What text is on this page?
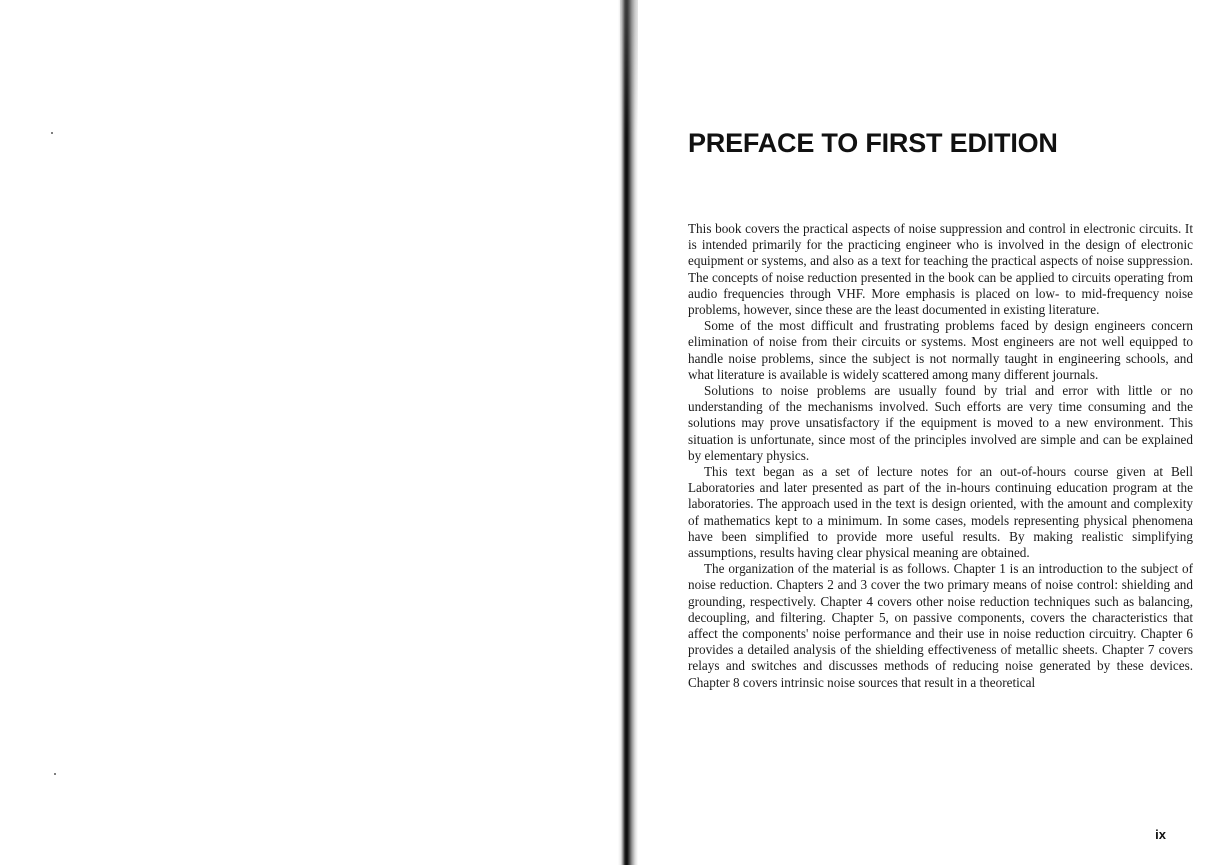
PREFACE TO FIRST EDITION

This book covers the practical aspects of noise suppression and control in electronic circuits. It is intended primarily for the practicing engineer who is involved in the design of electronic equipment or systems, and also as a text for teaching the practical aspects of noise suppression. The concepts of noise reduction presented in the book can be applied to circuits operating from audio frequencies through VHF. More emphasis is placed on low- to mid-frequency noise problems, however, since these are the least documented in existing literature.

Some of the most difficult and frustrating problems faced by design engineers concern elimination of noise from their circuits or systems. Most engineers are not well equipped to handle noise problems, since the subject is not normally taught in engineering schools, and what literature is available is widely scattered among many different journals.

Solutions to noise problems are usually found by trial and error with little or no understanding of the mechanisms involved. Such efforts are very time consuming and the solutions may prove unsatisfactory if the equipment is moved to a new environment. This situation is unfortunate, since most of the principles involved are simple and can be explained by elementary physics.

This text began as a set of lecture notes for an out-of-hours course given at Bell Laboratories and later presented as part of the in-hours continuing education program at the laboratories. The approach used in the text is design oriented, with the amount and complexity of mathematics kept to a minimum. In some cases, models representing physical phenomena have been simplified to provide more useful results. By making realistic simplifying assumptions, results having clear physical meaning are obtained.

The organization of the material is as follows. Chapter 1 is an introduction to the subject of noise reduction. Chapters 2 and 3 cover the two primary means of noise control: shielding and grounding, respectively. Chapter 4 covers other noise reduction techniques such as balancing, decoupling, and filtering. Chapter 5, on passive components, covers the characteristics that affect the components' noise performance and their use in noise reduction circuitry. Chapter 6 provides a detailed analysis of the shielding effectiveness of metallic sheets. Chapter 7 covers relays and switches and discusses methods of reducing noise generated by these devices. Chapter 8 covers intrinsic noise sources that result in a theoretical

ix
